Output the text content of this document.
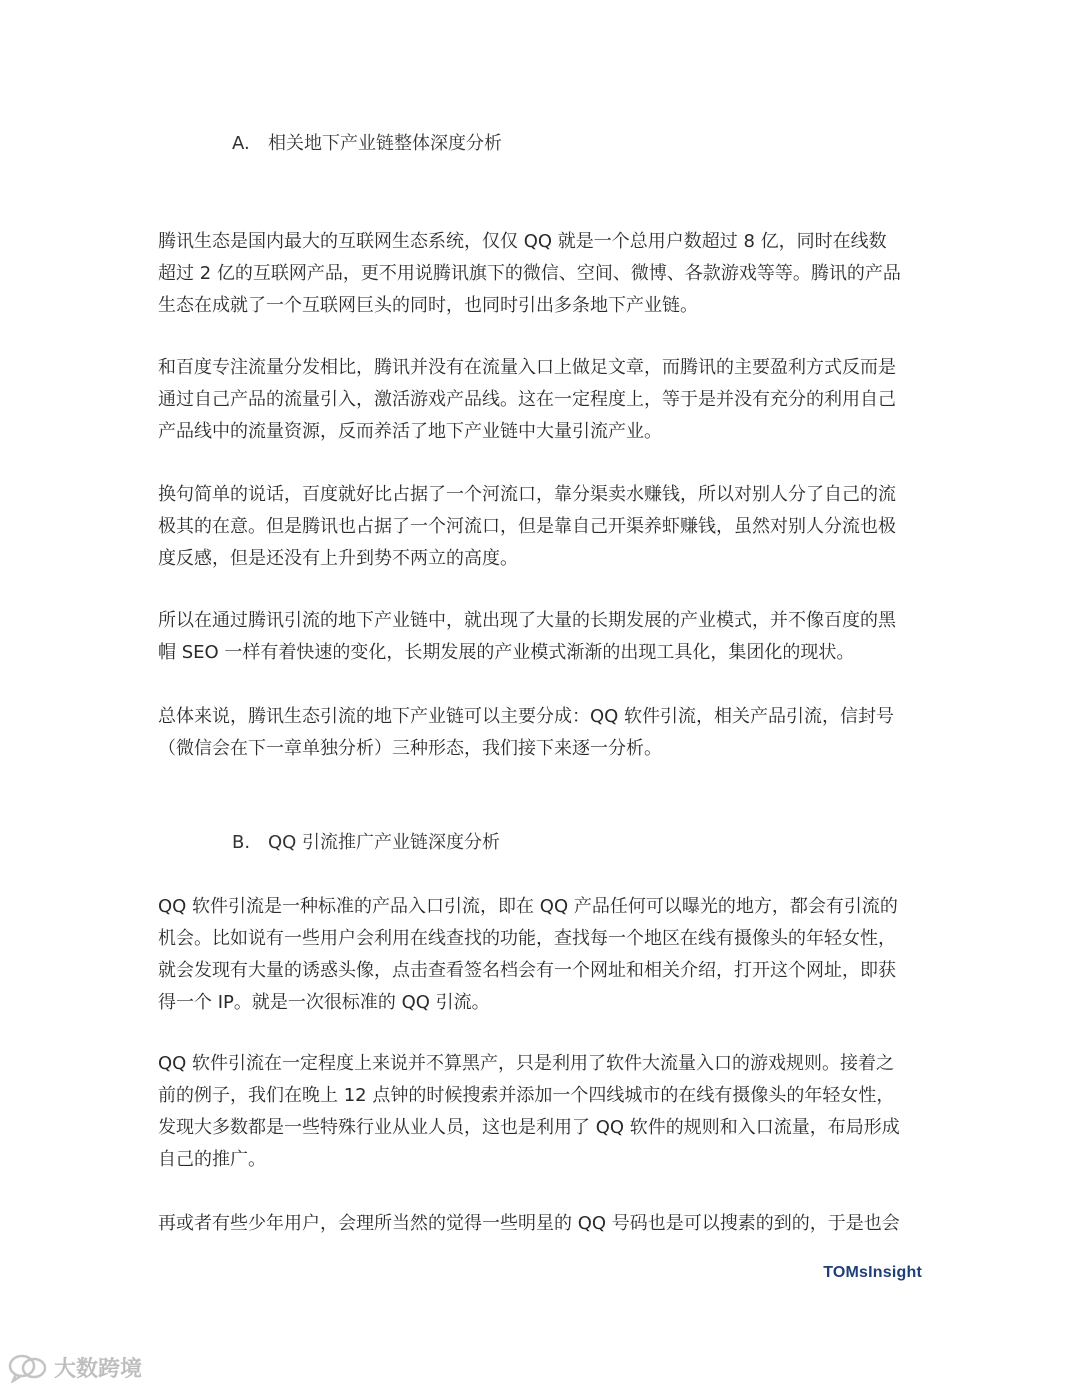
A. 相关地下产业链整体深度分析

腾讯生态是国内最大的互联网生态系统，仅仅 QQ 就是一个总用户数超过 8 亿，同时在线数
超过 2 亿的互联网产品，更不用说腾讯旗下的微信、空间、微博、各款游戏等等。腾讯的产品
生态在成就了一个互联网巨头的同时，也同时引出多条地下产业链。

和百度专注流量分发相比，腾讯并没有在流量入口上做足文章，而腾讯的主要盈利方式反而是
通过自己产品的流量引入，激活游戏产品线。这在一定程度上，等于是并没有充分的利用自己
产品线中的流量资源，反而养活了地下产业链中大量引流产业。

换句简单的说话，百度就好比占据了一个河流口，靠分渠卖水赚钱，所以对别人分了自己的流
极其的在意。但是腾讯也占据了一个河流口，但是靠自己开渠养虾赚钱，虽然对别人分流也极
度反感，但是还没有上升到势不两立的高度。

所以在通过腾讯引流的地下产业链中，就出现了大量的长期发展的产业模式，并不像百度的黑
帽 SEO 一样有着快速的变化，长期发展的产业模式渐渐的出现工具化，集团化的现状。

总体来说，腾讯生态引流的地下产业链可以主要分成：QQ 软件引流，相关产品引流，信封号
（微信会在下一章单独分析）三种形态，我们接下来逐一分析。

B. QQ 引流推广产业链深度分析

QQ 软件引流是一种标准的产品入口引流，即在 QQ 产品任何可以曝光的地方，都会有引流的
机会。比如说有一些用户会利用在线查找的功能，查找每一个地区在线有摄像头的年轻女性，
就会发现有大量的诱惑头像，点击查看签名档会有一个网址和相关介绍，打开这个网址，即获
得一个 IP。就是一次很标准的 QQ 引流。

QQ 软件引流在一定程度上来说并不算黑产，只是利用了软件大流量入口的游戏规则。接着之
前的例子，我们在晚上 12 点钟的时候搜索并添加一个四线城市的在线有摄像头的年轻女性，
发现大多数都是一些特殊行业从业人员，这也是利用了 QQ 软件的规则和入口流量，布局形成
自己的推广。

再或者有些少年用户，会理所当然的觉得一些明星的 QQ 号码也是可以搜素的到的，于是也会

TOMsInsight
大数跨境
